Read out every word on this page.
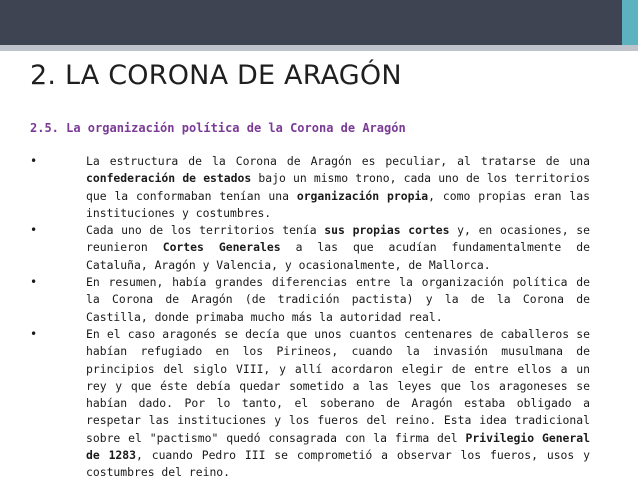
2. LA CORONA DE ARAGÓN
2.5. La organización política de la Corona de Aragón
•	La estructura de la Corona de Aragón es peculiar, al tratarse de una confederación de estados bajo un mismo trono, cada uno de los territorios que la conformaban tenían una organización propia, como propias eran las instituciones y costumbres.
•	Cada uno de los territorios tenía sus propias cortes y, en ocasiones, se reunieron Cortes Generales a las que acudían fundamentalmente de Cataluña, Aragón y Valencia, y ocasionalmente, de Mallorca.
•	En resumen, había grandes diferencias entre la organización política de la Corona de Aragón (de tradición pactista) y la de la Corona de Castilla, donde primaba mucho más la autoridad real.
•	En el caso aragonés se decía que unos cuantos centenares de caballeros se habían refugiado en los Pirineos, cuando la invasión musulmana de principios del siglo VIII, y allí acordaron elegir de entre ellos a un rey y que éste debía quedar sometido a las leyes que los aragoneses se habían dado. Por lo tanto, el soberano de Aragón estaba obligado a respetar las instituciones y los fueros del reino. Esta idea tradicional sobre el "pactismo" quedó consagrada con la firma del Privilegio General de 1283, cuando Pedro III se comprometió a observar los fueros, usos y costumbres del reino.
